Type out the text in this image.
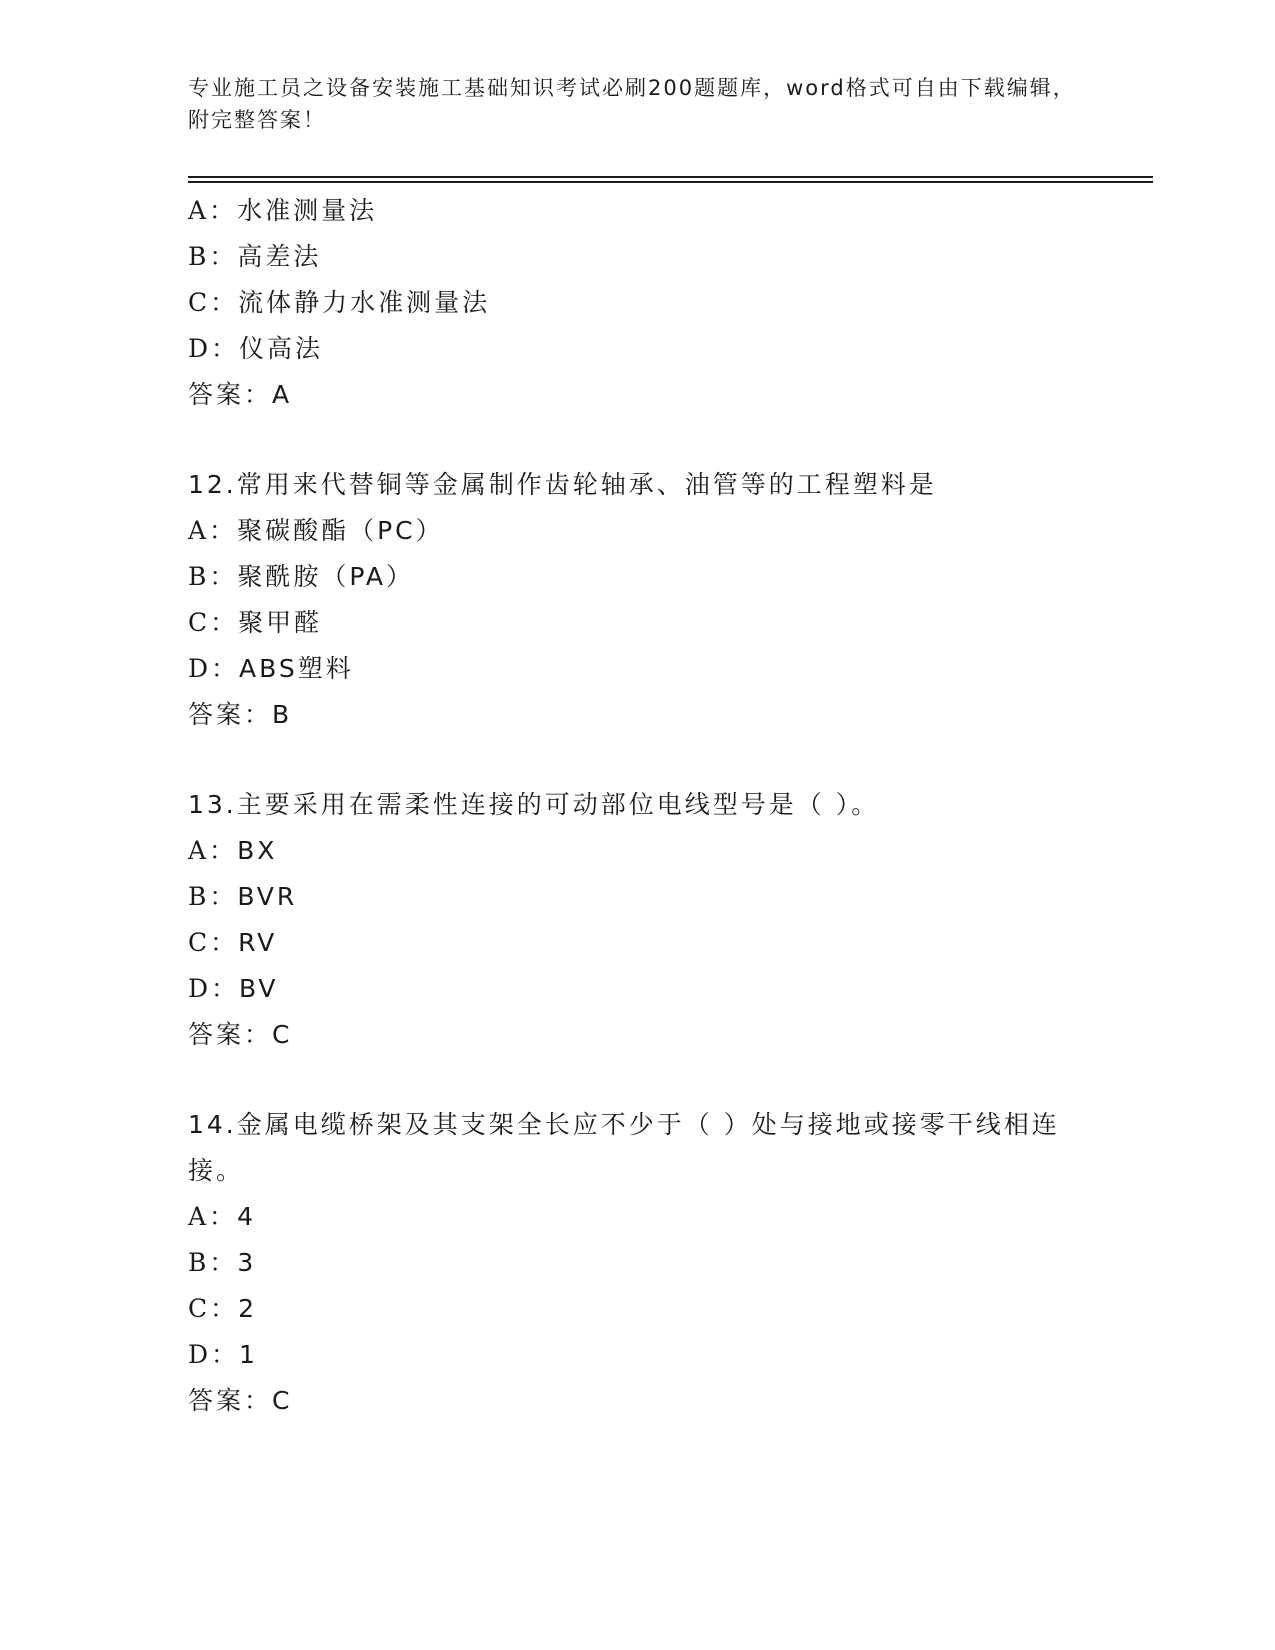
专业施工员之设备安装施工基础知识考试必刷200题题库，word格式可自由下载编辑，附完整答案！
A：水准测量法
B：高差法
C：流体静力水准测量法
D：仪高法
答案：A
12.常用来代替铜等金属制作齿轮轴承、油管等的工程塑料是
A：聚碳酸酯（PC）
B：聚酰胺（PA）
C：聚甲醛
D：ABS塑料
答案：B
13.主要采用在需柔性连接的可动部位电线型号是（ ）。
A：BX
B：BVR
C：RV
D：BV
答案：C
14.金属电缆桥架及其支架全长应不少于（ ）处与接地或接零干线相连接。
A：4
B：3
C：2
D：1
答案：C
